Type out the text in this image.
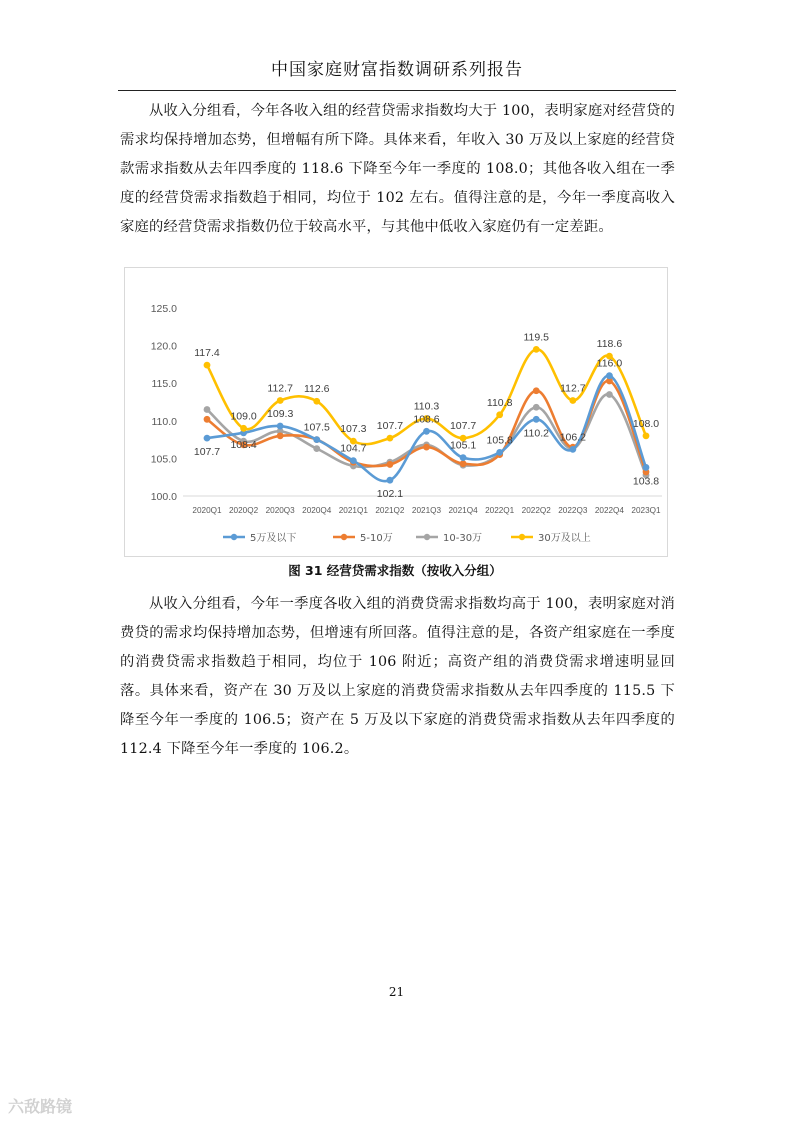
中国家庭财富指数调研系列报告

从收入分组看，今年各收入组的经营贷需求指数均大于 100，表明家庭对经营贷的需求均保持增加态势，但增幅有所下降。具体来看，年收入 30 万及以上家庭的经营贷款需求指数从去年四季度的 118.6 下降至今年一季度的 108.0；其他各收入组在一季度的经营贷需求指数趋于相同，均位于 102 左右。值得注意的是，今年一季度高收入家庭的经营贷需求指数仍位于较高水平，与其他中低收入家庭仍有一定差距。

100.0
105.0
110.0
115.0
120.0
125.0
2020Q1 2020Q2 2020Q3 2020Q4 2021Q1 2021Q2 2021Q3 2021Q4 2022Q1 2022Q2 2022Q3 2022Q4 2023Q1
117.4
107.7
109.0
108.4
112.7
109.3
112.6
107.5 107.3
104.7
107.7
102.1
110.3
108.6
107.7
105.1
110.8
105.8
119.5
110.2
112.7
106.2
118.6
116.0
108.0
103.8
5万及以下	5-10万	10-30万	30万及以上
图 31 经营贷需求指数（按收入分组）

从收入分组看，今年一季度各收入组的消费贷需求指数均高于 100，表明家庭对消费贷的需求均保持增加态势，但增速有所回落。值得注意的是，各资产组家庭在一季度的消费贷需求指数趋于相同，均位于 106 附近；高资产组的消费贷需求增速明显回落。具体来看，资产在 30 万及以上家庭的消费贷需求指数从去年四季度的 115.5 下降至今年一季度的 106.5；资产在 5 万及以下家庭的消费贷需求指数从去年四季度的 112.4 下降至今年一季度的 106.2。

21
六敌路镜
